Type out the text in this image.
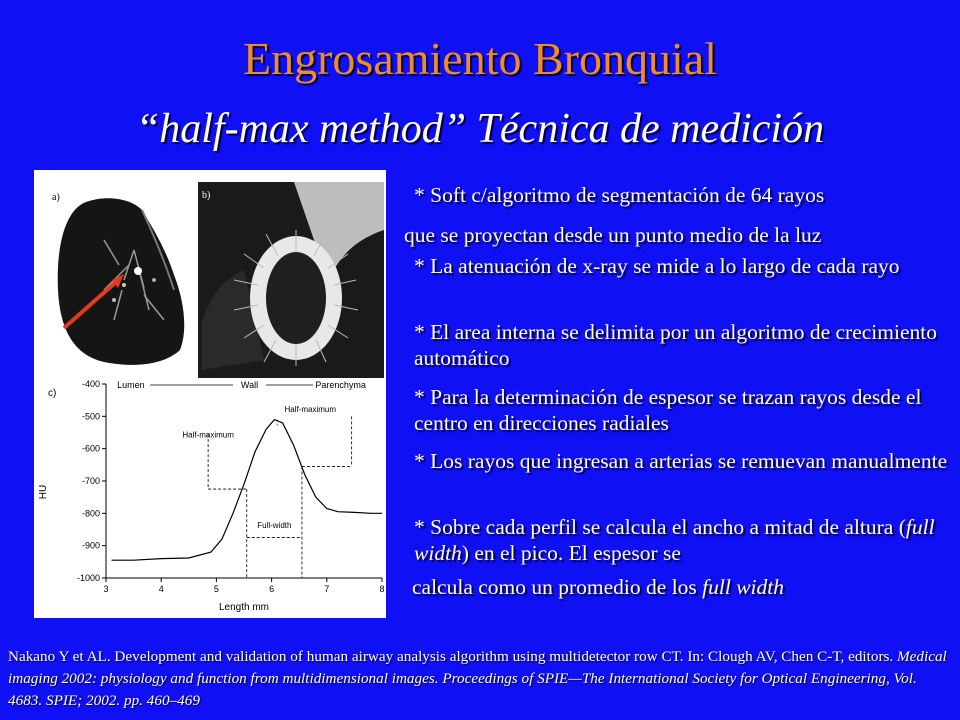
Engrosamiento Bronquial
“half-max method” Técnica de medición
a)	b)
c)
HU
Length mm
-400
-500
-600
-700
-800
-900
-1000
3	4	5	6	7	8
Lumen	Wall	Parenchyma
Half-maximum
Half-maximum
Full-width

* Soft c/algoritmo de segmentación de 64 rayos

que se proyectan desde un punto medio de la luz

* La atenuación de x-ray se mide a lo largo de cada rayo

* El area interna se delimita por un algoritmo de crecimiento automático

* Para la determinación de espesor se trazan rayos desde el centro en direcciones radiales

* Los rayos que ingresan a arterias se remuevan manualmente

* Sobre cada perfil se calcula el ancho a mitad de altura (full width) en el pico. El espesor se

calcula como un promedio de los full width

Nakano Y et AL. Development and validation of human airway analysis algorithm using multidetector row CT. In: Clough AV, Chen C-T, editors. Medical imaging 2002: physiology and function from multidimensional images. Proceedings of SPIE—The International Society for Optical Engineering, Vol. 4683. SPIE; 2002. pp. 460–469
